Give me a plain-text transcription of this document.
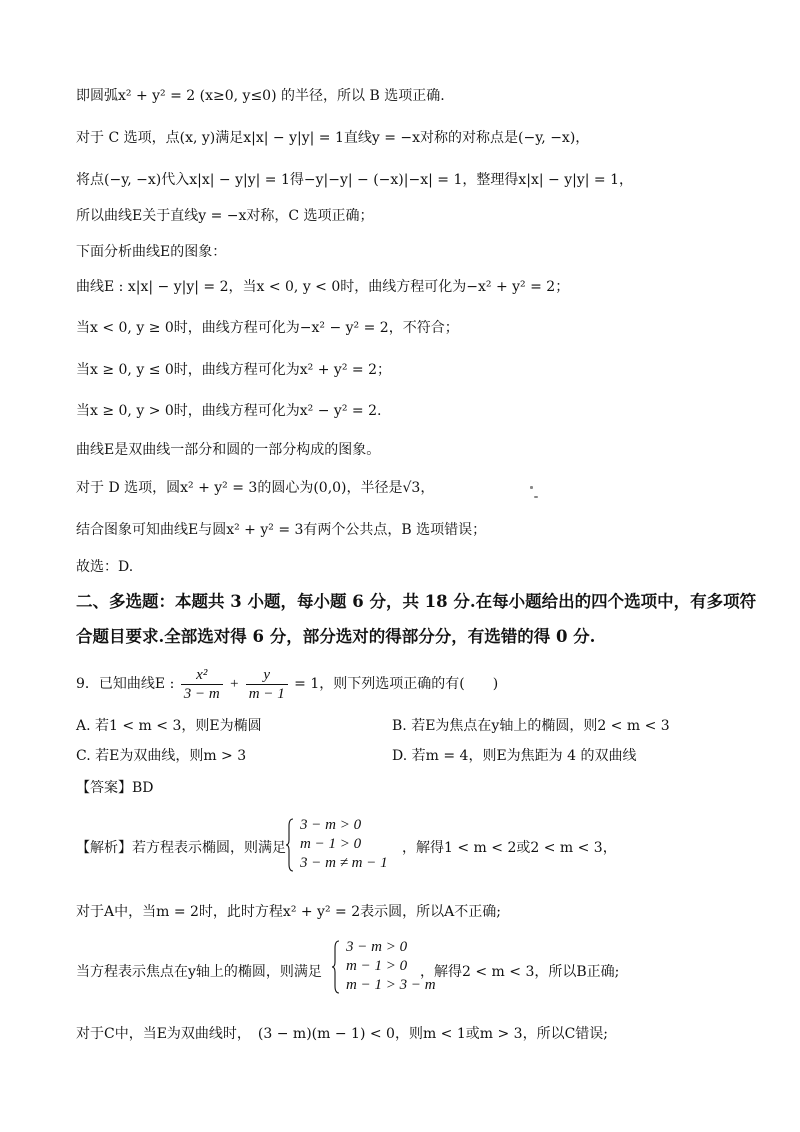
即圆弧x² + y² = 2 (x≥0, y≤0) 的半径，所以 B 选项正确.
对于 C 选项，点(x, y)满足x|x| − y|y| = 1直线y = −x对称的对称点是(−y, −x)，
将点(−y, −x)代入x|x| − y|y| = 1得−y|−y| − (−x)|−x| = 1，整理得x|x| − y|y| = 1，
所以曲线E关于直线y = −x对称，C 选项正确；
下面分析曲线E的图象：
曲线E : x|x| − y|y| = 2，当x < 0, y < 0时，曲线方程可化为−x² + y² = 2；
当x < 0, y ≥ 0时，曲线方程可化为−x² − y² = 2，不符合；
当x ≥ 0, y ≤ 0时，曲线方程可化为x² + y² = 2；
当x ≥ 0, y > 0时，曲线方程可化为x² − y² = 2.
曲线E是双曲线一部分和圆的一部分构成的图象。
对于 D 选项，圆x² + y² = 3的圆心为(0,0)，半径是√3，
结合图象可知曲线E与圆x² + y² = 3有两个公共点，B 选项错误；
故选：D.
二、多选题：本题共 3 小题，每小题 6 分，共 18 分.在每小题给出的四个选项中，有多项符
合题目要求.全部选对得 6 分，部分选对的得部分分，有选错的得 0 分.
9．已知曲线E : $\frac{\text{x²}}{3 - m} + \frac{y}{m - 1} = 1$，则下列选项正确的有(　　)
A. 若1 < m < 3，则E为椭圆	B. 若E为焦点在y轴上的椭圆，则2 < m < 3
C. 若E为双曲线，则m > 3	D. 若m = 4，则E为焦距为 4 的双曲线
【答案】BD
【解析】若方程表示椭圆，则满足
3 − m > 0
m − 1 > 0
3 − m ≠ m − 1
，解得1 < m < 2或2 < m < 3，
对于A中，当m = 2时，此时方程x² + y² = 2表示圆，所以A不正确;
当方程表示焦点在y轴上的椭圆，则满足
3 − m > 0
m − 1 > 0
m − 1 > 3 − m
，解得2 < m < 3，所以B正确;
对于C中，当E为双曲线时，　(3 − m)(m − 1) < 0，则m < 1或m > 3，所以C错误;
